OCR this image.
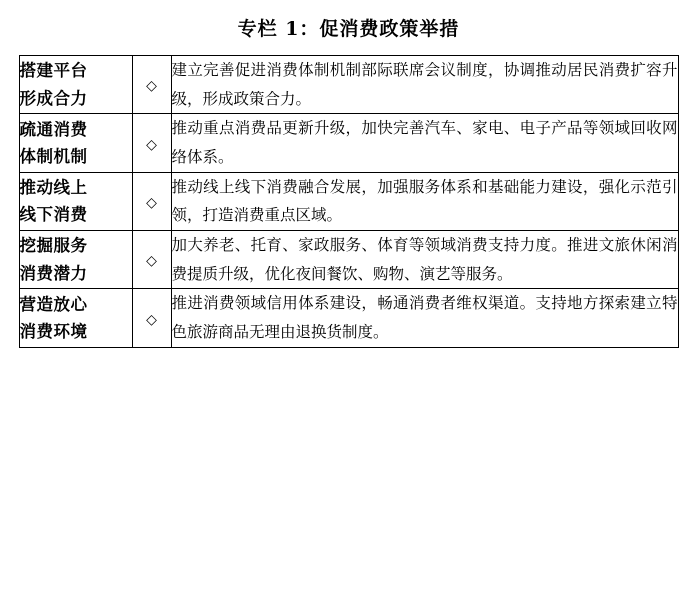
专栏 1：促消费政策举措
搭建平台
形成合力	◇	建立完善促进消费体制机制部际联席会议制度，协调推动居民消费扩容升级，形成政策合力。

疏通消费
体制机制	◇	推动重点消费品更新升级，加快完善汽车、家电、电子产品等领域回收网络体系。

推动线上
线下消费	◇	推动线上线下消费融合发展，加强服务体系和基础能力建设，强化示范引领，打造消费重点区域。

挖掘服务
消费潜力	◇	加大养老、托育、家政服务、体育等领域消费支持力度。推进文旅休闲消费提质升级，优化夜间餐饮、购物、演艺等服务。

营造放心
消费环境	◇	推进消费领域信用体系建设，畅通消费者维权渠道。支持地方探索建立特色旅游商品无理由退换货制度。
